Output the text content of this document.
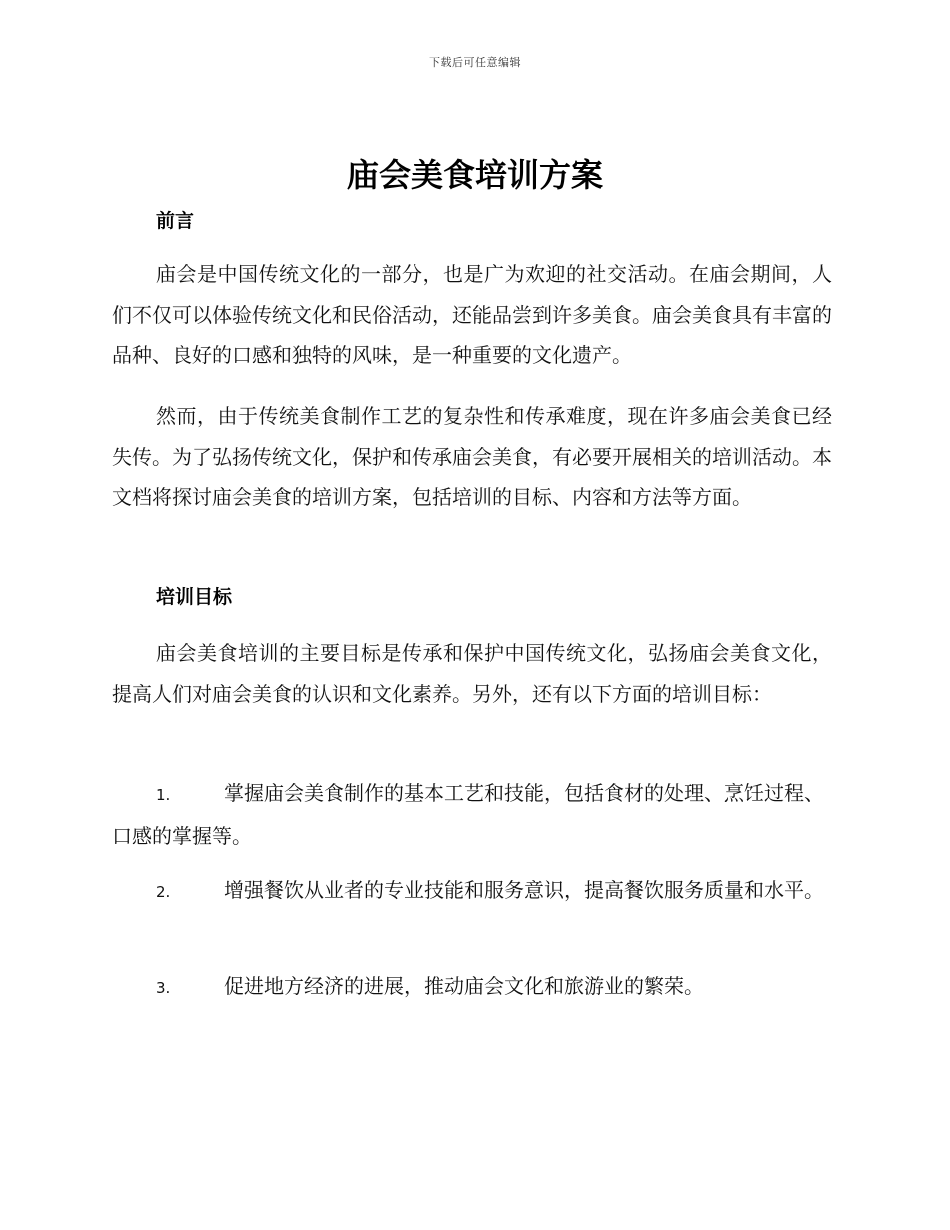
下载后可任意编辑
庙会美食培训方案
前言

庙会是中国传统文化的一部分，也是广为欢迎的社交活动。在庙会期间，人们不仅可以体验传统文化和民俗活动，还能品尝到许多美食。庙会美食具有丰富的品种、良好的口感和独特的风味，是一种重要的文化遗产。

然而，由于传统美食制作工艺的复杂性和传承难度，现在许多庙会美食已经失传。为了弘扬传统文化，保护和传承庙会美食，有必要开展相关的培训活动。本文档将探讨庙会美食的培训方案，包括培训的目标、内容和方法等方面。

培训目标

庙会美食培训的主要目标是传承和保护中国传统文化，弘扬庙会美食文化，提高人们对庙会美食的认识和文化素养。另外，还有以下方面的培训目标：

1.	掌握庙会美食制作的基本工艺和技能，包括食材的处理、烹饪过程、口感的掌握等。

2.	增强餐饮从业者的专业技能和服务意识，提高餐饮服务质量和水平。

3.	促进地方经济的进展，推动庙会文化和旅游业的繁荣。
